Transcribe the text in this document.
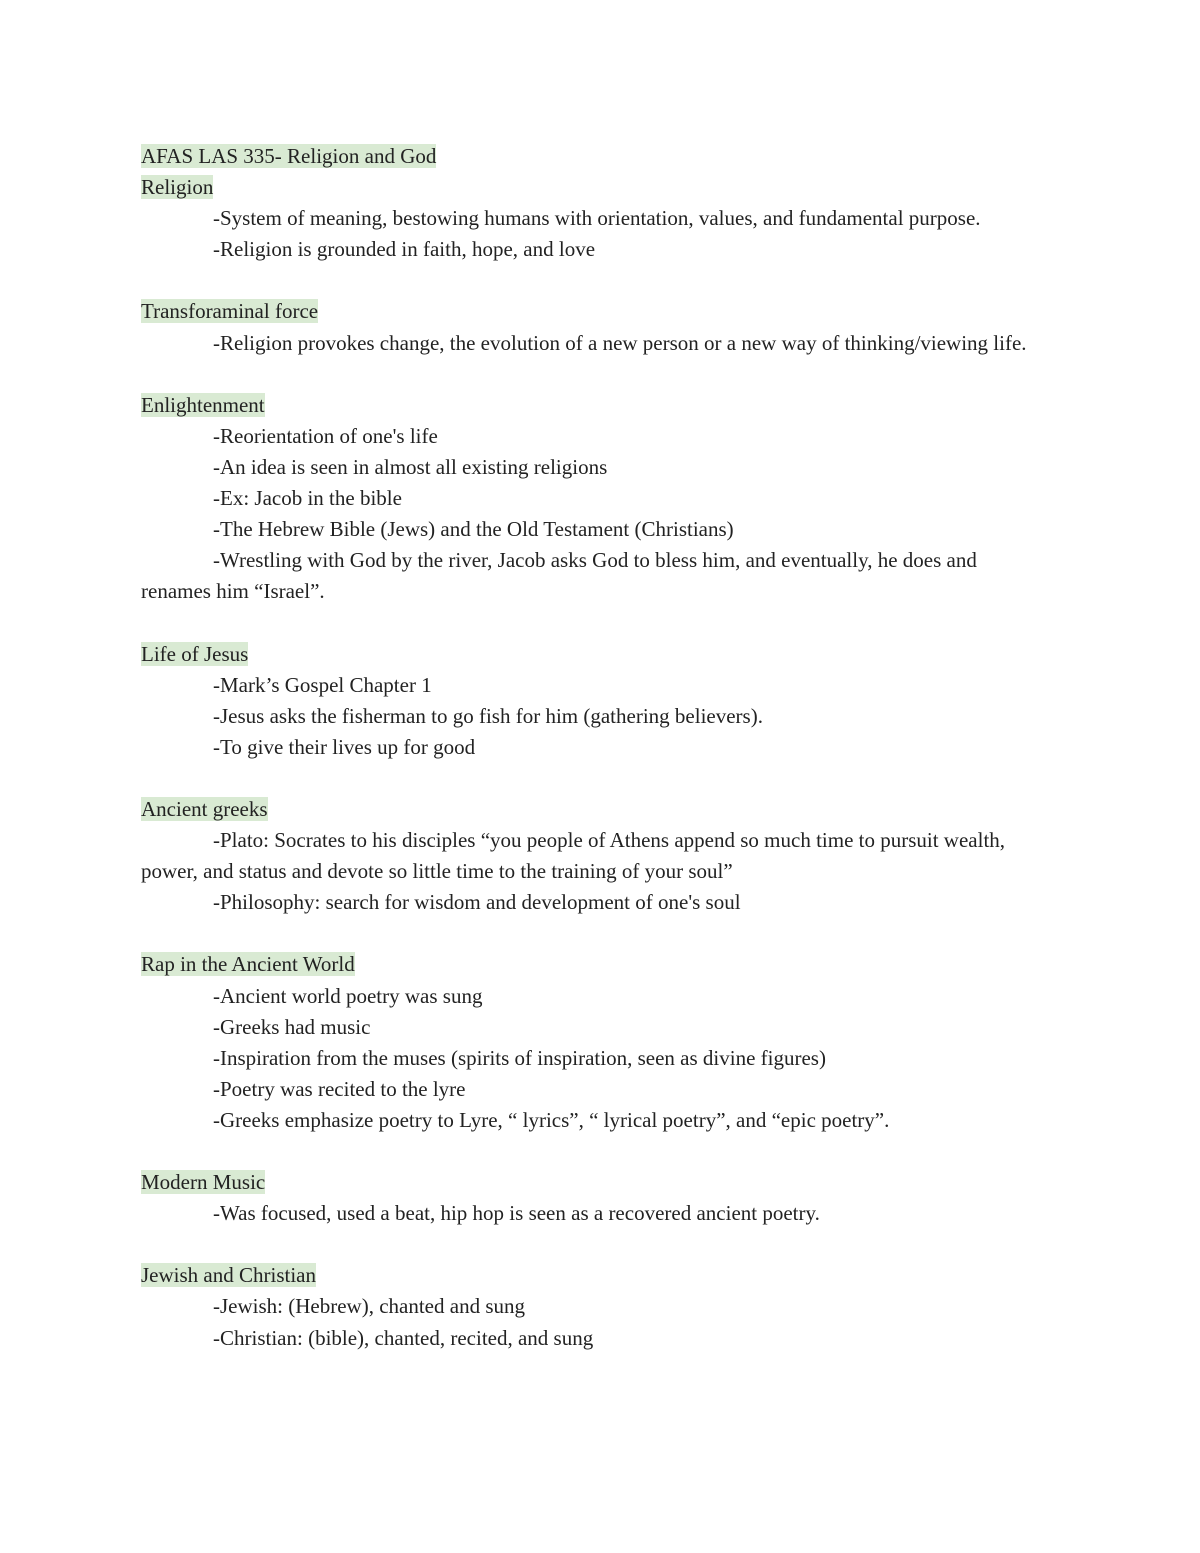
AFAS LAS 335- Religion and God
Religion

-System of meaning, bestowing humans with orientation, values, and fundamental purpose.

-Religion is grounded in faith, hope, and love

Transforaminal force

-Religion provokes change, the evolution of a new person or a new way of thinking/viewing life.

Enlightenment

-Reorientation of one's life

-An idea is seen in almost all existing religions

-Ex: Jacob in the bible

-The Hebrew Bible (Jews) and the Old Testament (Christians)

-Wrestling with God by the river, Jacob asks God to bless him, and eventually, he does and renames him “Israel”.

Life of Jesus

-Mark’s Gospel Chapter 1

-Jesus asks the fisherman to go fish for him (gathering believers).

-To give their lives up for good

Ancient greeks

-Plato: Socrates to his disciples “you people of Athens append so much time to pursuit wealth, power, and status and devote so little time to the training of your soul”

-Philosophy: search for wisdom and development of one's soul

Rap in the Ancient World

-Ancient world poetry was sung

-Greeks had music

-Inspiration from the muses (spirits of inspiration, seen as divine figures)

-Poetry was recited to the lyre

-Greeks emphasize poetry to Lyre, “ lyrics”, “ lyrical poetry”, and “epic poetry”.

Modern Music

-Was focused, used a beat, hip hop is seen as a recovered ancient poetry.

Jewish and Christian

-Jewish: (Hebrew), chanted and sung

-Christian: (bible), chanted, recited, and sung
